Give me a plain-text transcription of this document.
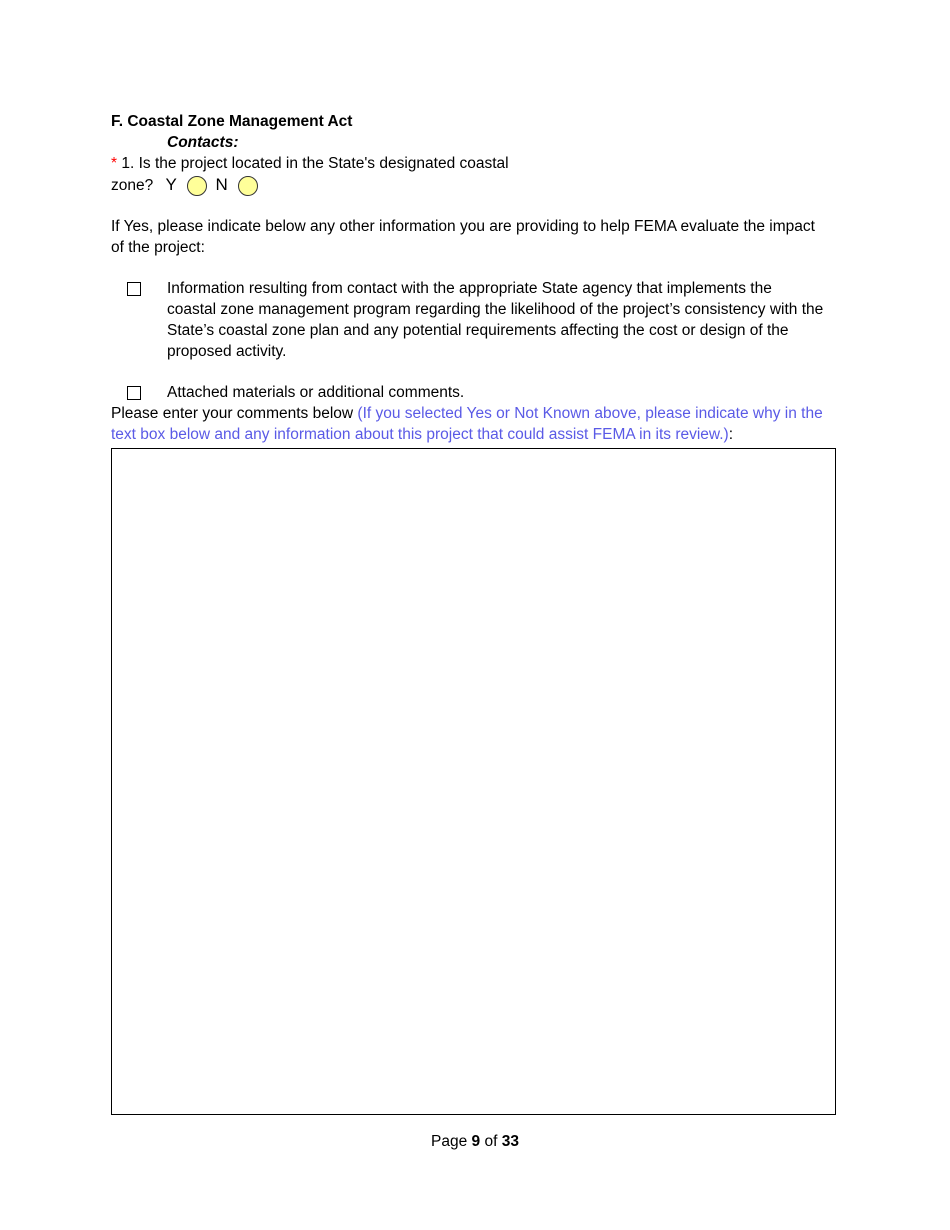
F. Coastal Zone Management Act
Contacts:
* 1. Is the project located in the State's designated coastal
zone? Y N
If Yes, please indicate below any other information you are providing to help FEMA evaluate the impact
of the project:
Information resulting from contact with the appropriate State agency that implements the
coastal zone management program regarding the likelihood of the project’s consistency with the
State’s coastal zone plan and any potential requirements affecting the cost or design of the
proposed activity.
Attached materials or additional comments.
Please enter your comments below (If you selected Yes or Not Known above, please indicate why in the
text box below and any information about this project that could assist FEMA in its review.):
Page 9 of 33
